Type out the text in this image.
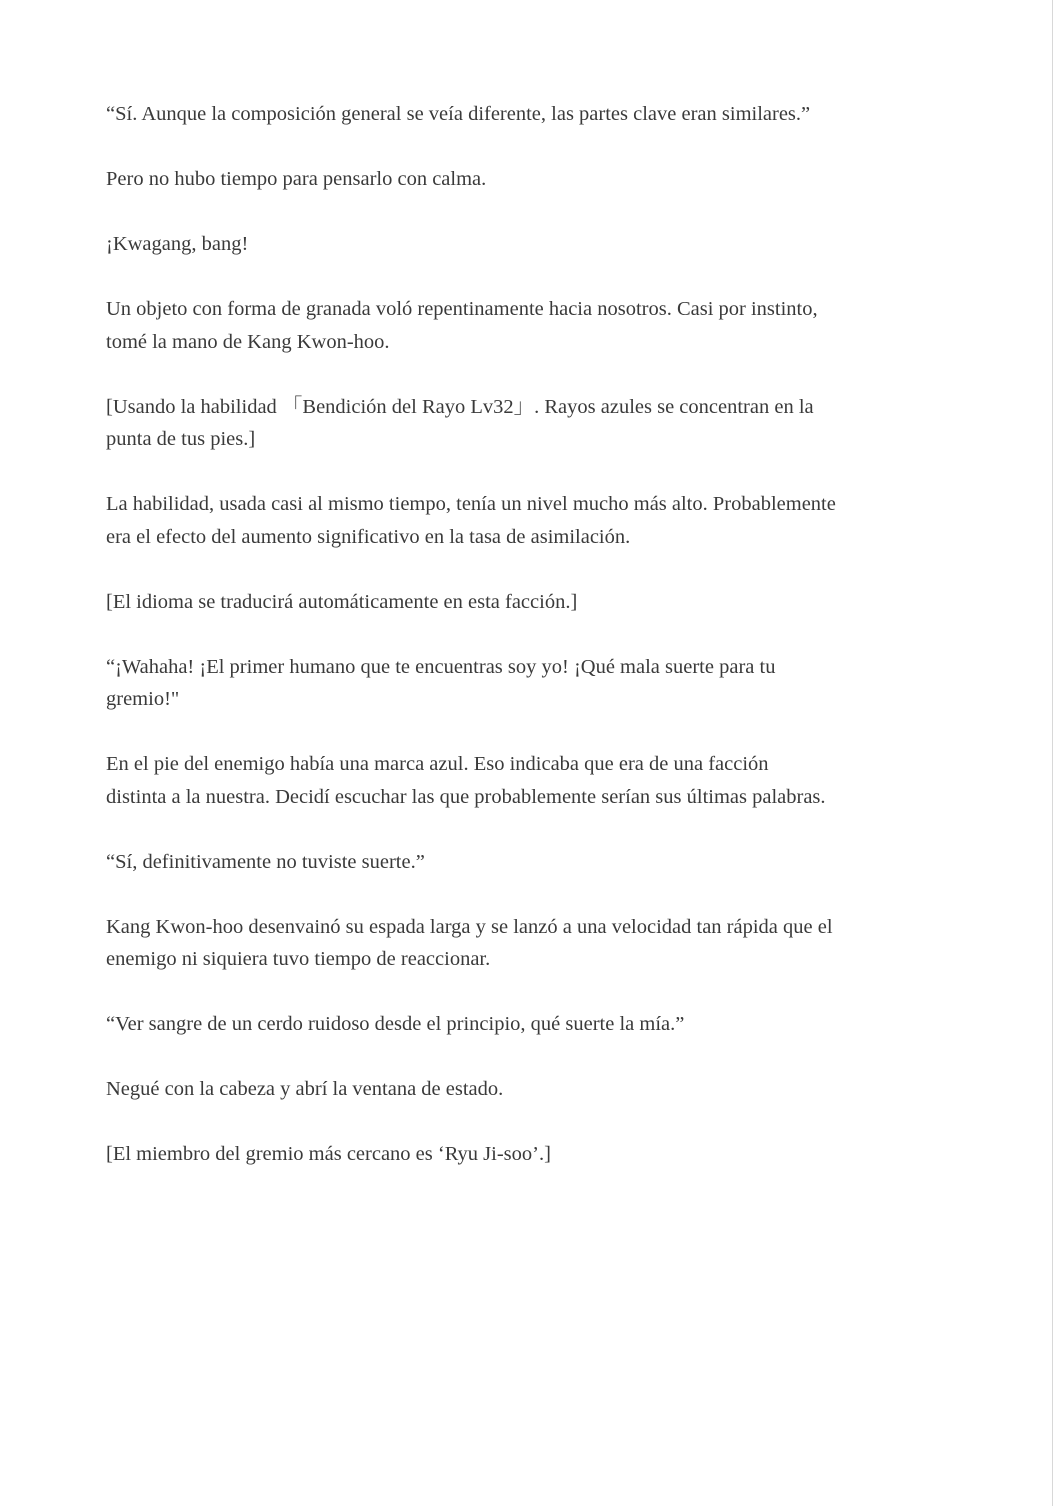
“Sí. Aunque la composición general se veía diferente, las partes clave eran similares.”

Pero no hubo tiempo para pensarlo con calma.

¡Kwagang, bang!

Un objeto con forma de granada voló repentinamente hacia nosotros. Casi por instinto,
tomé la mano de Kang Kwon-hoo.

[Usando la habilidad 「Bendición del Rayo Lv32」. Rayos azules se concentran en la
punta de tus pies.]

La habilidad, usada casi al mismo tiempo, tenía un nivel mucho más alto. Probablemente
era el efecto del aumento significativo en la tasa de asimilación.

[El idioma se traducirá automáticamente en esta facción.]

“¡Wahaha! ¡El primer humano que te encuentras soy yo! ¡Qué mala suerte para tu
gremio!"

En el pie del enemigo había una marca azul. Eso indicaba que era de una facción
distinta a la nuestra. Decidí escuchar las que probablemente serían sus últimas palabras.

“Sí, definitivamente no tuviste suerte.”

Kang Kwon-hoo desenvainó su espada larga y se lanzó a una velocidad tan rápida que el
enemigo ni siquiera tuvo tiempo de reaccionar.

“Ver sangre de un cerdo ruidoso desde el principio, qué suerte la mía.”

Negué con la cabeza y abrí la ventana de estado.

[El miembro del gremio más cercano es ‘Ryu Ji-soo’.]
